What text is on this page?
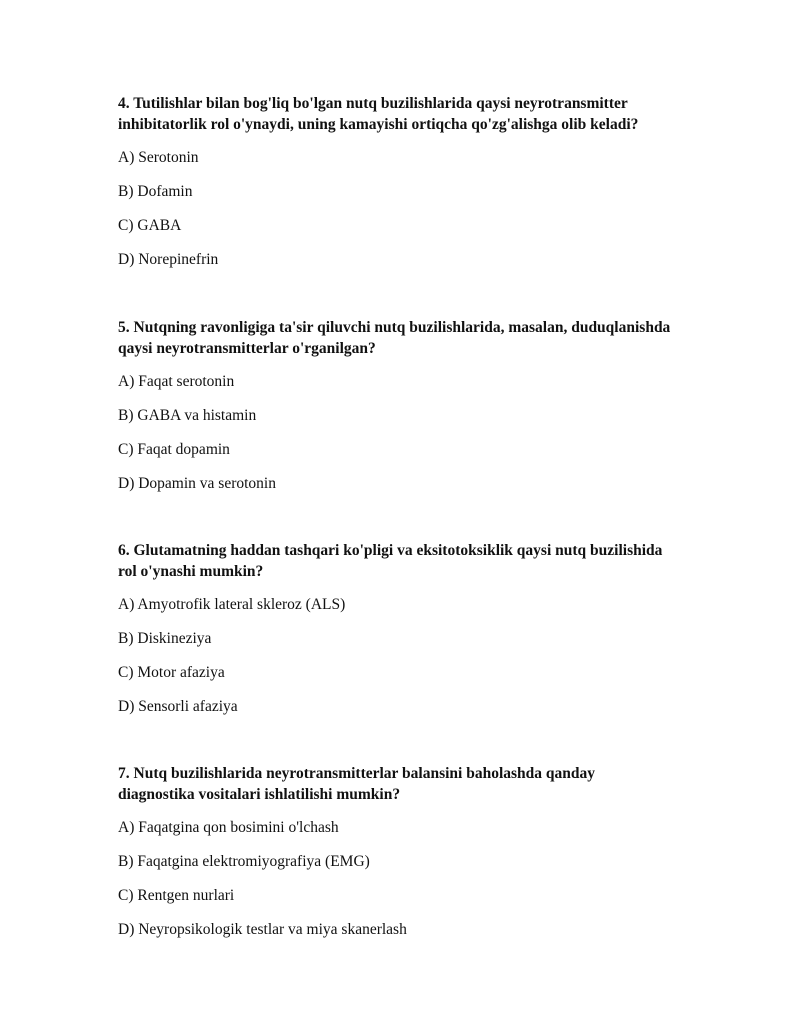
4. Tutilishlar bilan bog'liq bo'lgan nutq buzilishlarida qaysi neyrotransmitter inhibitatorlik rol o'ynaydi, uning kamayishi ortiqcha qo'zg'alishga olib keladi?

A) Serotonin

B) Dofamin

C) GABA

D) Norepinefrin

5. Nutqning ravonligiga ta'sir qiluvchi nutq buzilishlarida, masalan, duduqlanishda qaysi neyrotransmitterlar o'rganilgan?

A) Faqat serotonin

B) GABA va histamin

C) Faqat dopamin

D) Dopamin va serotonin

6. Glutamatning haddan tashqari ko'pligi va eksitotoksiklik qaysi nutq buzilishida rol o'ynashi mumkin?

A) Amyotrofik lateral skleroz (ALS)

B) Diskineziya

C) Motor afaziya

D) Sensorli afaziya

7. Nutq buzilishlarida neyrotransmitterlar balansini baholashda qanday diagnostika vositalari ishlatilishi mumkin?

A) Faqatgina qon bosimini o'lchash

B) Faqatgina elektromiyografiya (EMG)

C) Rentgen nurlari

D) Neyropsikologik testlar va miya skanerlash
